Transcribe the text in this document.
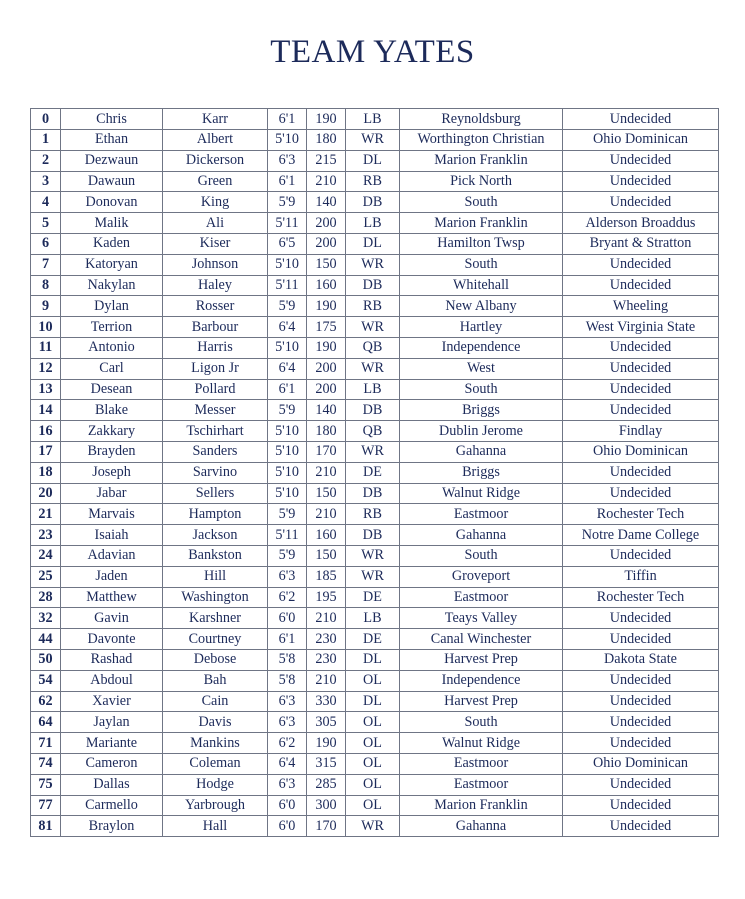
TEAM YATES
0	Chris	Karr	6'1	190	LB	Reynoldsburg	Undecided
1	Ethan	Albert	5'10	180	WR	Worthington Christian	Ohio Dominican
2	Dezwaun	Dickerson	6'3	215	DL	Marion Franklin	Undecided
3	Dawaun	Green	6'1	210	RB	Pick North	Undecided
4	Donovan	King	5'9	140	DB	South	Undecided
5	Malik	Ali	5'11	200	LB	Marion Franklin	Alderson Broaddus
6	Kaden	Kiser	6'5	200	DL	Hamilton Twsp	Bryant & Stratton
7	Katoryan	Johnson	5'10	150	WR	South	Undecided
8	Nakylan	Haley	5'11	160	DB	Whitehall	Undecided
9	Dylan	Rosser	5'9	190	RB	New Albany	Wheeling
10	Terrion	Barbour	6'4	175	WR	Hartley	West Virginia State
11	Antonio	Harris	5'10	190	QB	Independence	Undecided
12	Carl	Ligon Jr	6'4	200	WR	West	Undecided
13	Desean	Pollard	6'1	200	LB	South	Undecided
14	Blake	Messer	5'9	140	DB	Briggs	Undecided
16	Zakkary	Tschirhart	5'10	180	QB	Dublin Jerome	Findlay
17	Brayden	Sanders	5'10	170	WR	Gahanna	Ohio Dominican
18	Joseph	Sarvino	5'10	210	DE	Briggs	Undecided
20	Jabar	Sellers	5'10	150	DB	Walnut Ridge	Undecided
21	Marvais	Hampton	5'9	210	RB	Eastmoor	Rochester Tech
23	Isaiah	Jackson	5'11	160	DB	Gahanna	Notre Dame College
24	Adavian	Bankston	5'9	150	WR	South	Undecided
25	Jaden	Hill	6'3	185	WR	Groveport	Tiffin
28	Matthew	Washington	6'2	195	DE	Eastmoor	Rochester Tech
32	Gavin	Karshner	6'0	210	LB	Teays Valley	Undecided
44	Davonte	Courtney	6'1	230	DE	Canal Winchester	Undecided
50	Rashad	Debose	5'8	230	DL	Harvest Prep	Dakota State
54	Abdoul	Bah	5'8	210	OL	Independence	Undecided
62	Xavier	Cain	6'3	330	DL	Harvest Prep	Undecided
64	Jaylan	Davis	6'3	305	OL	South	Undecided
71	Mariante	Mankins	6'2	190	OL	Walnut Ridge	Undecided
74	Cameron	Coleman	6'4	315	OL	Eastmoor	Ohio Dominican
75	Dallas	Hodge	6'3	285	OL	Eastmoor	Undecided
77	Carmello	Yarbrough	6'0	300	OL	Marion Franklin	Undecided
81	Braylon	Hall	6'0	170	WR	Gahanna	Undecided
